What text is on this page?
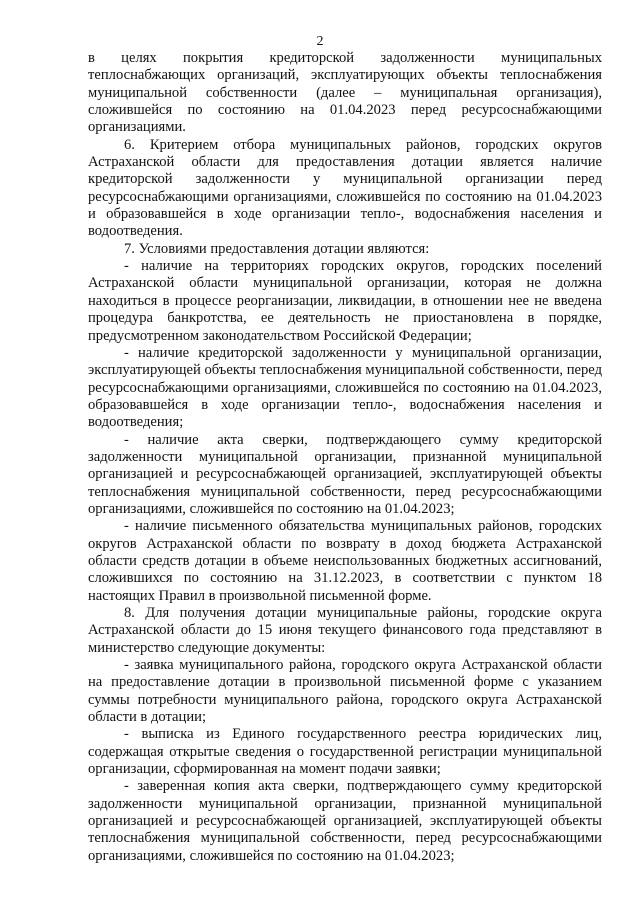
2

в целях покрытия кредиторской задолженности муниципальных теплоснабжающих организаций, эксплуатирующих объекты теплоснабжения муниципальной собственности (далее – муниципальная организация), сложившейся по состоянию на 01.04.2023 перед ресурсоснабжающими организациями.

6. Критерием отбора муниципальных районов, городских округов Астраханской области для предоставления дотации является наличие кредиторской задолженности у муниципальной организации перед ресурсоснабжающими организациями, сложившейся по состоянию на 01.04.2023 и образовавшейся в ходе организации тепло-, водоснабжения населения и водоотведения.

7. Условиями предоставления дотации являются:

- наличие на территориях городских округов, городских поселений Астраханской области муниципальной организации, которая не должна находиться в процессе реорганизации, ликвидации, в отношении нее не введена процедура банкротства, ее деятельность не приостановлена в порядке, предусмотренном законодательством Российской Федерации;

- наличие кредиторской задолженности у муниципальной организации, эксплуатирующей объекты теплоснабжения муниципальной собственности, перед ресурсоснабжающими организациями, сложившейся по состоянию на 01.04.2023, образовавшейся в ходе организации тепло-, водоснабжения населения и водоотведения;

- наличие акта сверки, подтверждающего сумму кредиторской задолженности муниципальной организации, признанной муниципальной организацией и ресурсоснабжающей организацией, эксплуатирующей объекты теплоснабжения муниципальной собственности, перед ресурсоснабжающими организациями, сложившейся по состоянию на 01.04.2023;

- наличие письменного обязательства муниципальных районов, городских округов Астраханской области по возврату в доход бюджета Астраханской области средств дотации в объеме неиспользованных бюджетных ассигнований, сложившихся по состоянию на 31.12.2023, в соответствии с пунктом 18 настоящих Правил в произвольной письменной форме.

8. Для получения дотации муниципальные районы, городские округа Астраханской области до 15 июня текущего финансового года представляют в министерство следующие документы:

- заявка муниципального района, городского округа Астраханской области на предоставление дотации в произвольной письменной форме с указанием суммы потребности муниципального района, городского округа Астраханской области в дотации;

- выписка из Единого государственного реестра юридических лиц, содержащая открытые сведения о государственной регистрации муниципальной организации, сформированная на момент подачи заявки;

- заверенная копия акта сверки, подтверждающего сумму кредиторской задолженности муниципальной организации, признанной муниципальной организацией и ресурсоснабжающей организацией, эксплуатирующей объекты теплоснабжения муниципальной собственности, перед ресурсоснабжающими организациями, сложившейся по состоянию на 01.04.2023;
